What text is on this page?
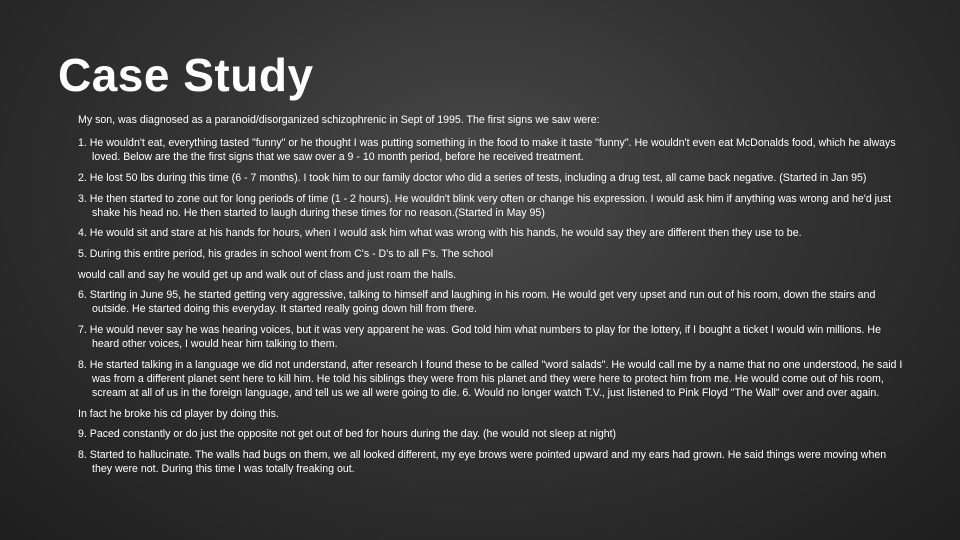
Case Study

My son, was diagnosed as a paranoid/disorganized schizophrenic in Sept of 1995. The first signs we saw were:

1. He wouldn't eat, everything tasted "funny" or he thought I was putting something in the food to make it taste "funny". He wouldn't even eat McDonalds food, which he always loved. Below are the the first signs that we saw over a 9 - 10 month period, before he received treatment.

2. He lost 50 lbs during this time (6 - 7 months). I took him to our family doctor who did a series of tests, including a drug test, all came back negative. (Started in Jan 95)

3. He then started to zone out for long periods of time (1 - 2 hours). He wouldn't blink very often or change his expression. I would ask him if anything was wrong and he'd just shake his head no. He then started to laugh during these times for no reason.(Started in May 95)

4. He would sit and stare at his hands for hours, when I would ask him what was wrong with his hands, he would say they are different then they use to be.

5. During this entire period, his grades in school went from C's - D's to all F's. The school

would call and say he would get up and walk out of class and just roam the halls.

6. Starting in June 95, he started getting very aggressive, talking to himself and laughing in his room. He would get very upset and run out of his room, down the stairs and outside. He started doing this everyday. It started really going down hill from there.

7. He would never say he was hearing voices, but it was very apparent he was. God told him what numbers to play for the lottery, if I bought a ticket I would win millions. He heard other voices, I would hear him talking to them.

8. He started talking in a language we did not understand, after research I found these to be called "word salads". He would call me by a name that no one understood, he said I was from a different planet sent here to kill him. He told his siblings they were from his planet and they were here to protect him from me. He would come out of his room, scream at all of us in the foreign language, and tell us we all were going to die. 6. Would no longer watch T.V., just listened to Pink Floyd "The Wall" over and over again.

In fact he broke his cd player by doing this.

9. Paced constantly or do just the opposite not get out of bed for hours during the day. (he would not sleep at night)

8. Started to hallucinate. The walls had bugs on them, we all looked different, my eye brows were pointed upward and my ears had grown. He said things were moving when they were not. During this time I was totally freaking out.
